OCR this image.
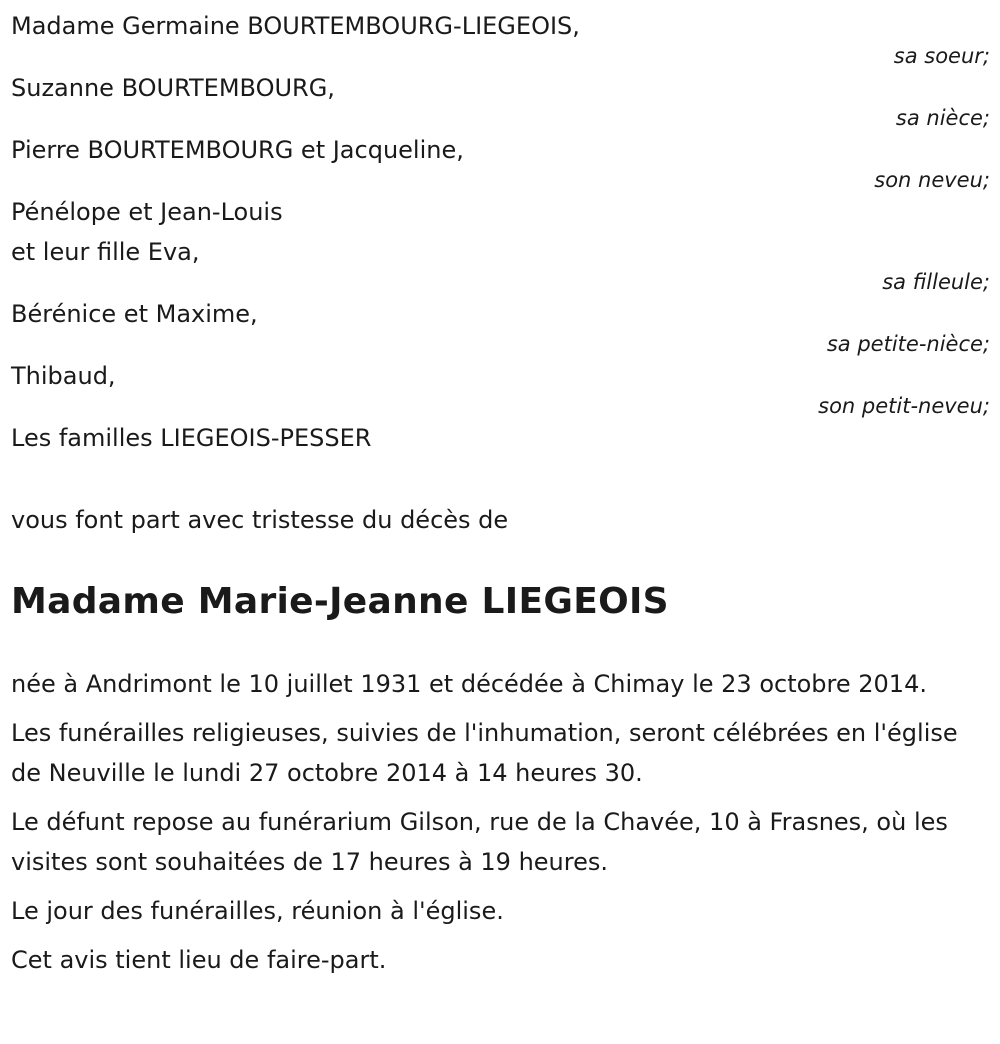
Madame Germaine BOURTEMBOURG-LIEGEOIS,
sa soeur;
Suzanne BOURTEMBOURG,
sa nièce;
Pierre BOURTEMBOURG et Jacqueline,
son neveu;
Pénélope et Jean-Louis
et leur fille Eva,
sa filleule;
Bérénice et Maxime,
sa petite-nièce;
Thibaud,
son petit-neveu;
Les familles LIEGEOIS-PESSER
vous font part avec tristesse du décès de
Madame Marie-Jeanne LIEGEOIS

née à Andrimont le 10 juillet 1931 et décédée à Chimay le 23 octobre 2014.

Les funérailles religieuses, suivies de l'inhumation, seront célébrées en l'église de Neuville le lundi 27 octobre 2014 à 14 heures 30.

Le défunt repose au funérarium Gilson, rue de la Chavée, 10 à Frasnes, où les visites sont souhaitées de 17 heures à 19 heures.

Le jour des funérailles, réunion à l'église.

Cet avis tient lieu de faire-part.
